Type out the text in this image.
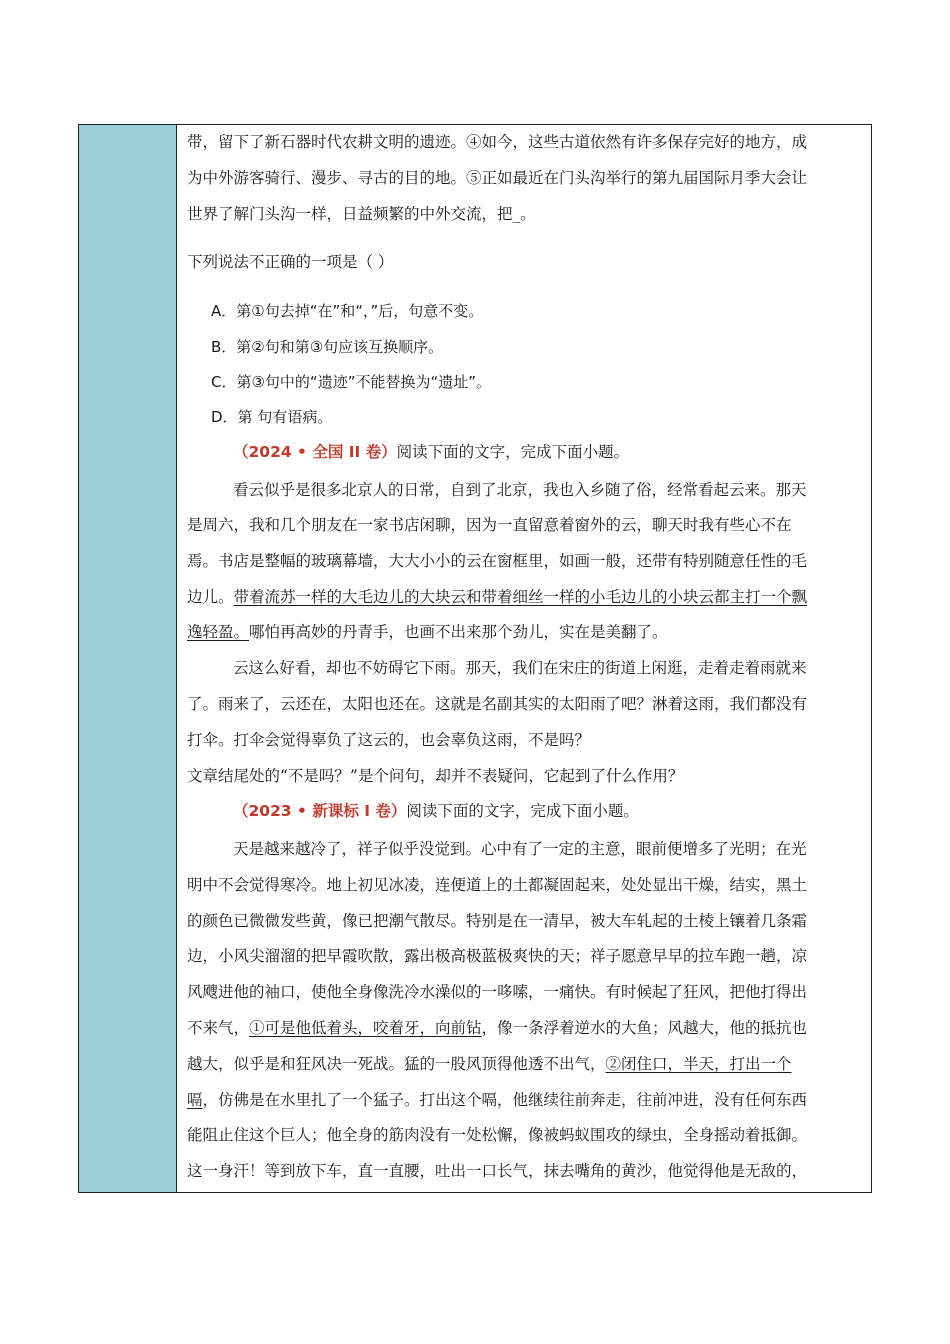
带，留下了新石器时代农耕文明的遗迹。④如今，这些古道依然有许多保存完好的地方，成
为中外游客骑行、漫步、寻古的目的地。⑤正如最近在门头沟举行的第九届国际月季大会让
世界了解门头沟一样，日益频繁的中外交流，把_。
下列说法不正确的一项是（ ）
A．第①句去掉“在”和“，”后，句意不变。
B．第②句和第③句应该互换顺序。
C．第③句中的“遗迹”不能替换为“遗址”。
D．第 句有语病。
（2024 • 全国 II 卷）阅读下面的文字，完成下面小题。
看云似乎是很多北京人的日常，自到了北京，我也入乡随了俗，经常看起云来。那天
是周六，我和几个朋友在一家书店闲聊，因为一直留意着窗外的云，聊天时我有些心不在
焉。书店是整幅的玻璃幕墙，大大小小的云在窗框里，如画一般，还带有特别随意任性的毛
边儿。带着流苏一样的大毛边儿的大块云和带着细丝一样的小毛边儿的小块云都主打一个飘
逸轻盈。哪怕再高妙的丹青手，也画不出来那个劲儿，实在是美翻了。
云这么好看，却也不妨碍它下雨。那天，我们在宋庄的街道上闲逛，走着走着雨就来
了。雨来了，云还在，太阳也还在。这就是名副其实的太阳雨了吧？淋着这雨，我们都没有
打伞。打伞会觉得辜负了这云的，也会辜负这雨，不是吗？
文章结尾处的“不是吗？”是个问句，却并不表疑问，它起到了什么作用？
（2023 • 新课标 I 卷）阅读下面的文字，完成下面小题。
天是越来越冷了，祥子似乎没觉到。心中有了一定的主意，眼前便增多了光明；在光
明中不会觉得寒冷。地上初见冰凌，连便道上的土都凝固起来，处处显出干燥，结实，黑土
的颜色已微微发些黄，像已把潮气散尽。特别是在一清早，被大车轧起的土棱上镶着几条霜
边，小风尖溜溜的把早霞吹散，露出极高极蓝极爽快的天；祥子愿意早早的拉车跑一趟，凉
风飕进他的袖口，使他全身像洗冷水澡似的一哆嗦，一痛快。有时候起了狂风，把他打得出
不来气，①可是他低着头，咬着牙，向前钻，像一条浮着逆水的大鱼；风越大，他的抵抗也
越大，似乎是和狂风决一死战。猛的一股风顶得他透不出气，②闭住口，半天，打出一个
嗝，仿佛是在水里扎了一个猛子。打出这个嗝，他继续往前奔走，往前冲进，没有任何东西
能阻止住这个巨人；他全身的筋肉没有一处松懈，像被蚂蚁围攻的绿虫，全身摇动着抵御。
这一身汗！等到放下车，直一直腰，吐出一口长气，抹去嘴角的黄沙，他觉得他是无敌的，
